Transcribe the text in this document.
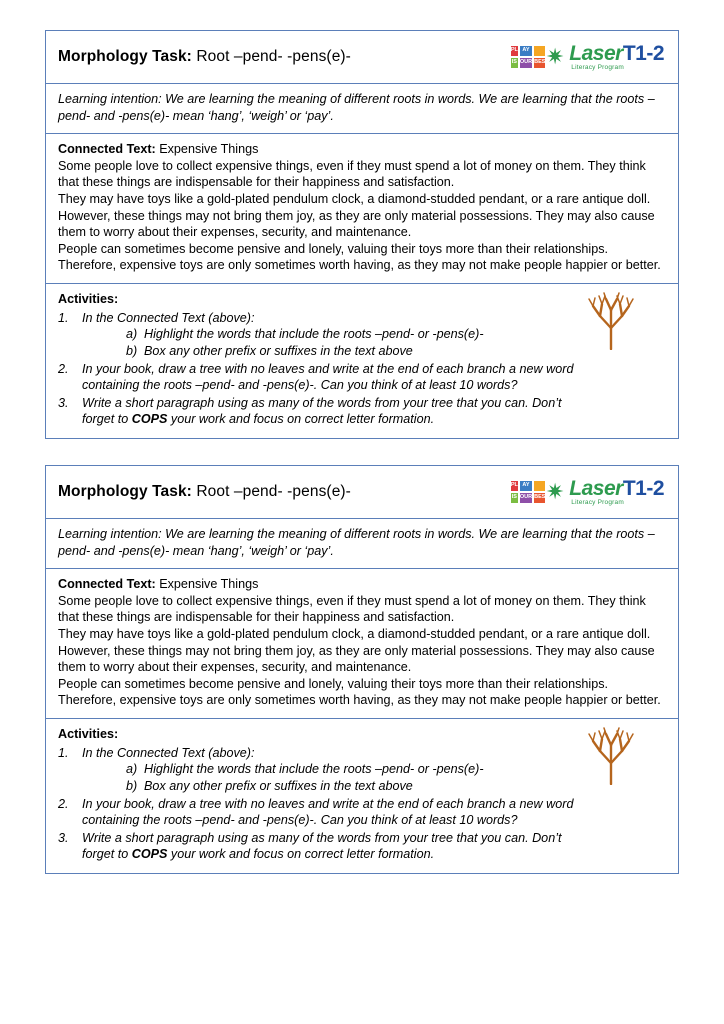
Morphology Task: Root –pend- -pens(e)-	PL AY
IS OUR BES ✷ Laser T1-2
Literacy Program
Learning intention: We are learning the meaning of different roots in words. We are learning that the roots –pend- and -pens(e)- mean ‘hang’, ‘weigh’ or ‘pay’.
Connected Text: Expensive Things

Some people love to collect expensive things, even if they must spend a lot of money on them. They think that these things are indispensable for their happiness and satisfaction.

They may have toys like a gold-plated pendulum clock, a diamond-studded pendant, or a rare antique doll. However, these things may not bring them joy, as they are only material possessions. They may also cause them to worry about their expenses, security, and maintenance.

People can sometimes become pensive and lonely, valuing their toys more than their relationships. Therefore, expensive toys are only sometimes worth having, as they may not make people happier or better.

Activities:
In the Connected Text (above):
Highlight the words that include the roots –pend- or -pens(e)-
Box any other prefix or suffixes in the text above
In your book, draw a tree with no leaves and write at the end of each branch a new word containing the roots –pend- and -pens(e)-. Can you think of at least 10 words?
Write a short paragraph using as many of the words from your tree that you can. Don’t forget to COPS your work and focus on correct letter formation.
Morphology Task: Root –pend- -pens(e)-	PL AY
IS OUR BES ✷ Laser T1-2
Literacy Program
Learning intention: We are learning the meaning of different roots in words. We are learning that the roots –pend- and -pens(e)- mean ‘hang’, ‘weigh’ or ‘pay’.
Connected Text: Expensive Things

Some people love to collect expensive things, even if they must spend a lot of money on them. They think that these things are indispensable for their happiness and satisfaction.

They may have toys like a gold-plated pendulum clock, a diamond-studded pendant, or a rare antique doll. However, these things may not bring them joy, as they are only material possessions. They may also cause them to worry about their expenses, security, and maintenance.

People can sometimes become pensive and lonely, valuing their toys more than their relationships. Therefore, expensive toys are only sometimes worth having, as they may not make people happier or better.

Activities:
In the Connected Text (above):
Highlight the words that include the roots –pend- or -pens(e)-
Box any other prefix or suffixes in the text above
In your book, draw a tree with no leaves and write at the end of each branch a new word containing the roots –pend- and -pens(e)-. Can you think of at least 10 words?
Write a short paragraph using as many of the words from your tree that you can. Don’t forget to COPS your work and focus on correct letter formation.
